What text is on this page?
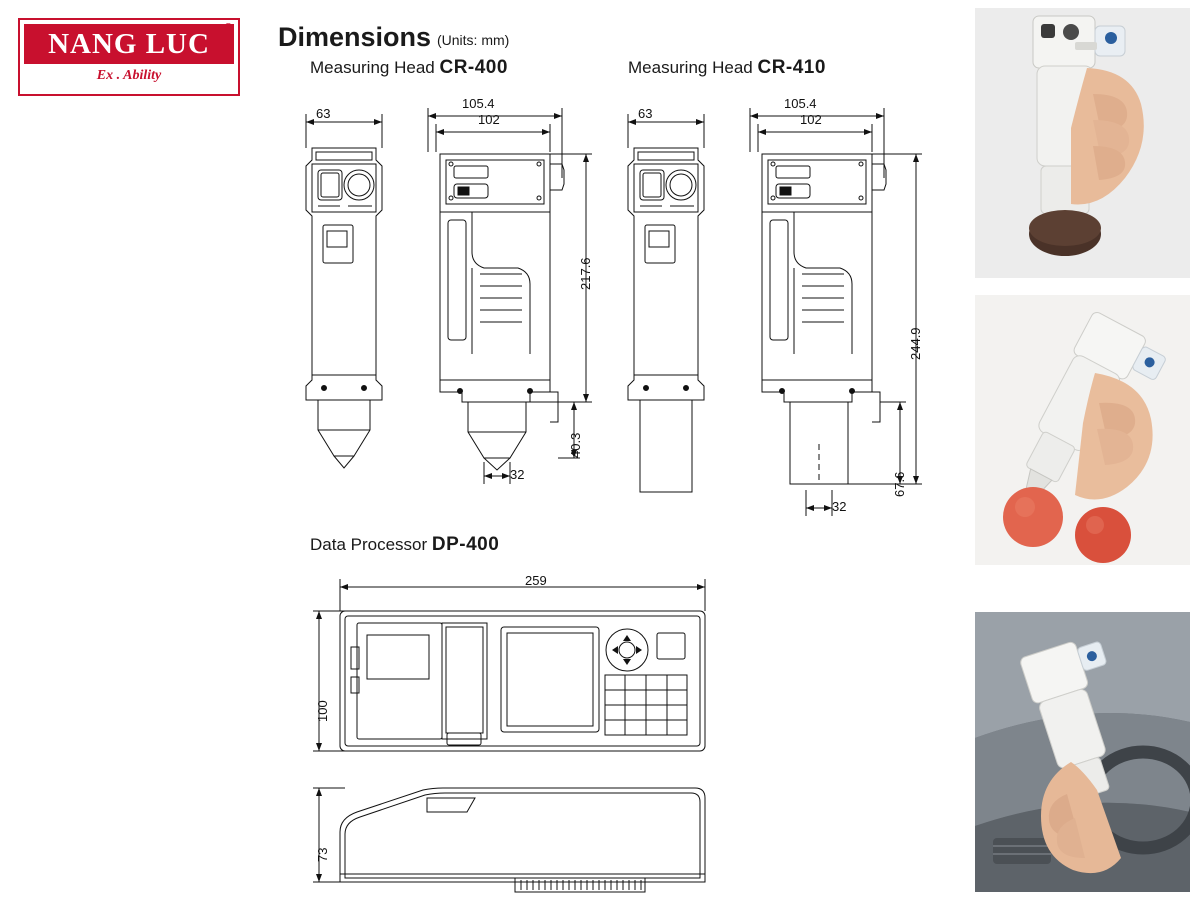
NANG LUC ®
Ex . Ability
Dimensions (Units: mm)
Measuring Head CR-400	Measuring Head CR-410
Data Processor DP-400
63
105.4
102
217.6
40.3
32
63
105.4
102
244.9
67.6
32
259
100
73
